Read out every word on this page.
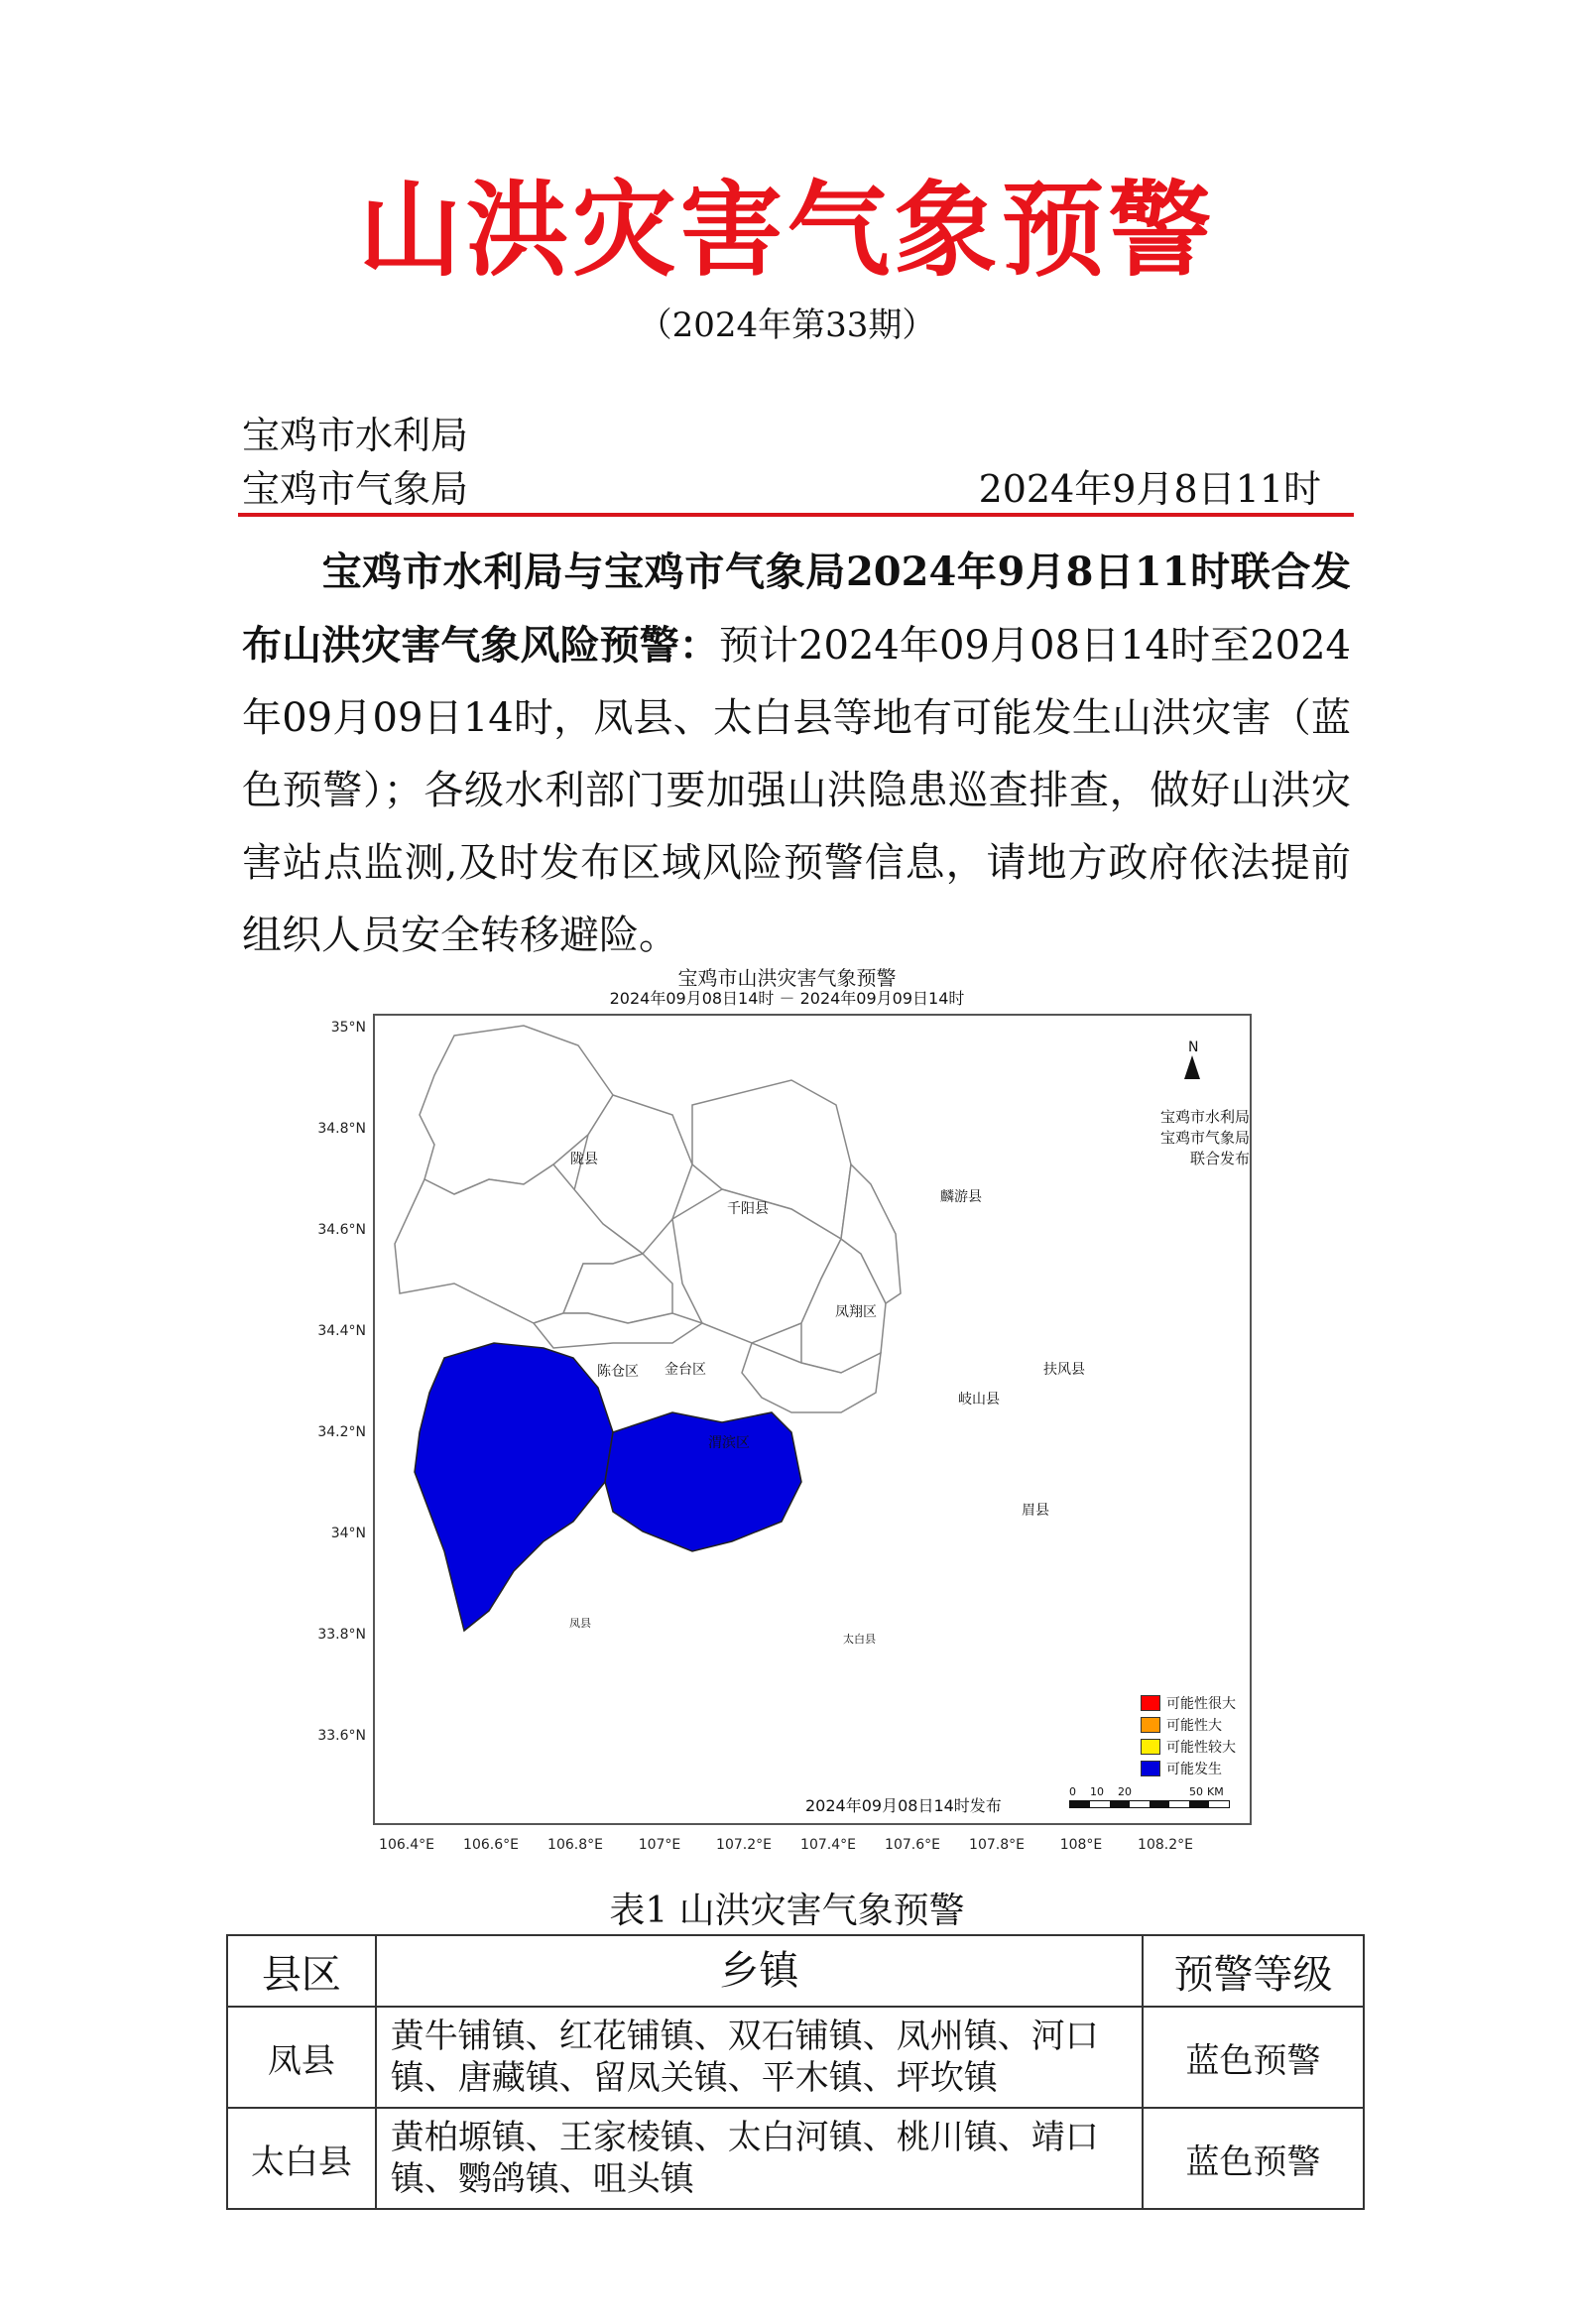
山洪灾害气象预警
（2024年第33期）
宝鸡市水利局
宝鸡市气象局	2024年9月8日11时
宝鸡市水利局与宝鸡市气象局2024年9月8日11时联合发布山洪灾害气象风险预警：预计2024年09月08日14时至2024年09月09日14时，凤县、太白县等地有可能发生山洪灾害（蓝色预警）；各级水利部门要加强山洪隐患巡查排查，做好山洪灾害站点监测,及时发布区域风险预警信息，请地方政府依法提前组织人员安全转移避险。
宝鸡市山洪灾害气象预警
2024年09月08日14时 － 2024年09月09日14时
N
宝鸡市水利局
宝鸡市气象局
联合发布
陇县
千阳县
麟游县
凤翔区
陈仓区 金台区	扶风县
岐山县
渭滨区
眉县
凤县
太白县
35°N
34.8°N
34.6°N
34.4°N
34.2°N
34°N
33.8°N
33.6°N
106.4°E	106.6°E	106.8°E	107°E	107.2°E	107.4°E	107.6°E	107.8°E	108°E	108.2°E
可能性很大
可能性大
可能性较大
可能发生
2024年09月08日14时发布
0 10 20	50 KM
表1 山洪灾害气象预警
县区	乡镇	预警等级
凤县	黄牛铺镇、红花铺镇、双石铺镇、凤州镇、河口镇、唐藏镇、留凤关镇、平木镇、坪坎镇	蓝色预警
太白县	黄柏塬镇、王家棱镇、太白河镇、桃川镇、靖口镇、鹦鸽镇、咀头镇	蓝色预警
